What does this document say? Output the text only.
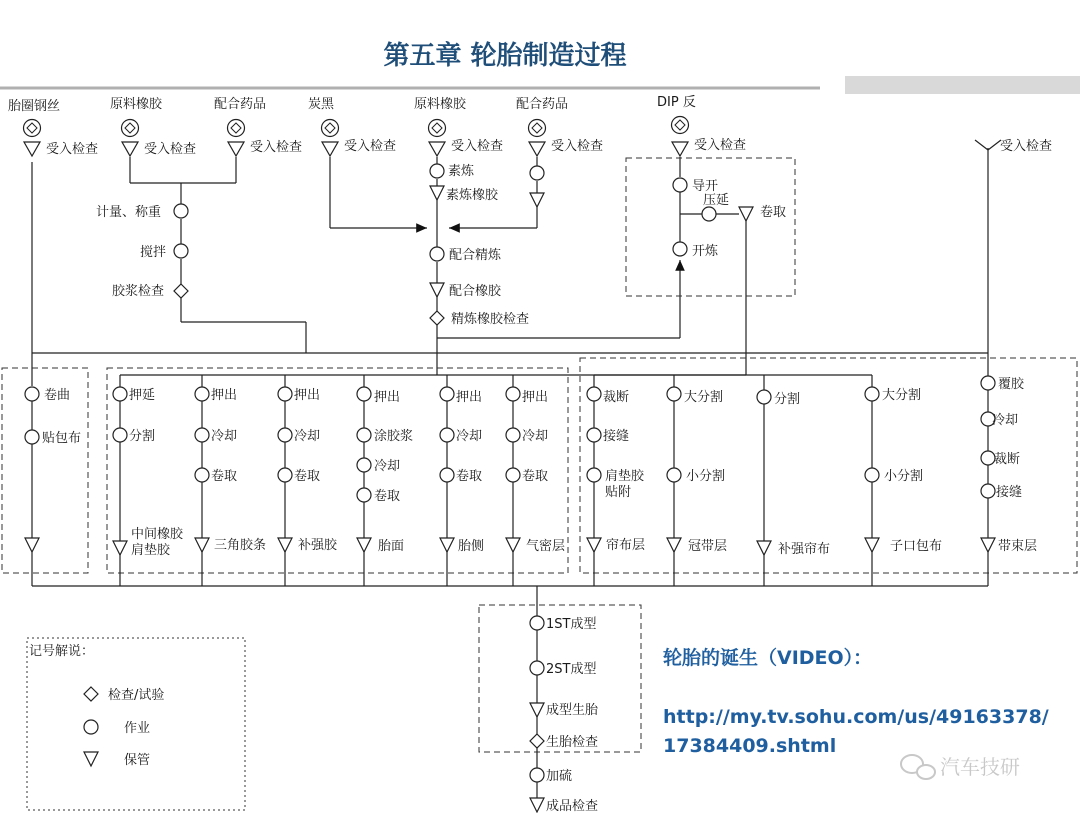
第五章 轮胎制造过程
胎圈钢丝	原料橡胶	配合药品	炭黑	原料橡胶	配合药品	DIP 反
受入检查	受入检查	受入检查	受入检查	受入检查	受入检查	受入检查	受入检查
计量、称重
搅拌
胶浆检查
素炼
素炼橡胶
配合精炼
配合橡胶
精炼橡胶检查
导开
压延
卷取
开炼
卷曲
贴包布
押延
分割
中间橡胶
肩垫胶
押出
冷却
卷取
三角胶条
押出
冷却
卷取
补强胶
押出
涂胶浆
冷却
卷取
胎面
押出
冷却
卷取
胎侧
押出
冷却
卷取
气密层
裁断
接缝
肩垫胶
贴附
帘布层
大分割
小分割
冠带层
分割
补强帘布
大分割
小分割
子口包布
覆胶
冷却
裁断
接缝
带束层
1ST成型
2ST成型
成型生胎
生胎检查
加硫
成品检查
记号解说：
检查/试验
作业
保管
轮胎的诞生（VIDEO）：
http://my.tv.sohu.com/us/49163378/
17384409.shtml
汽车技研
